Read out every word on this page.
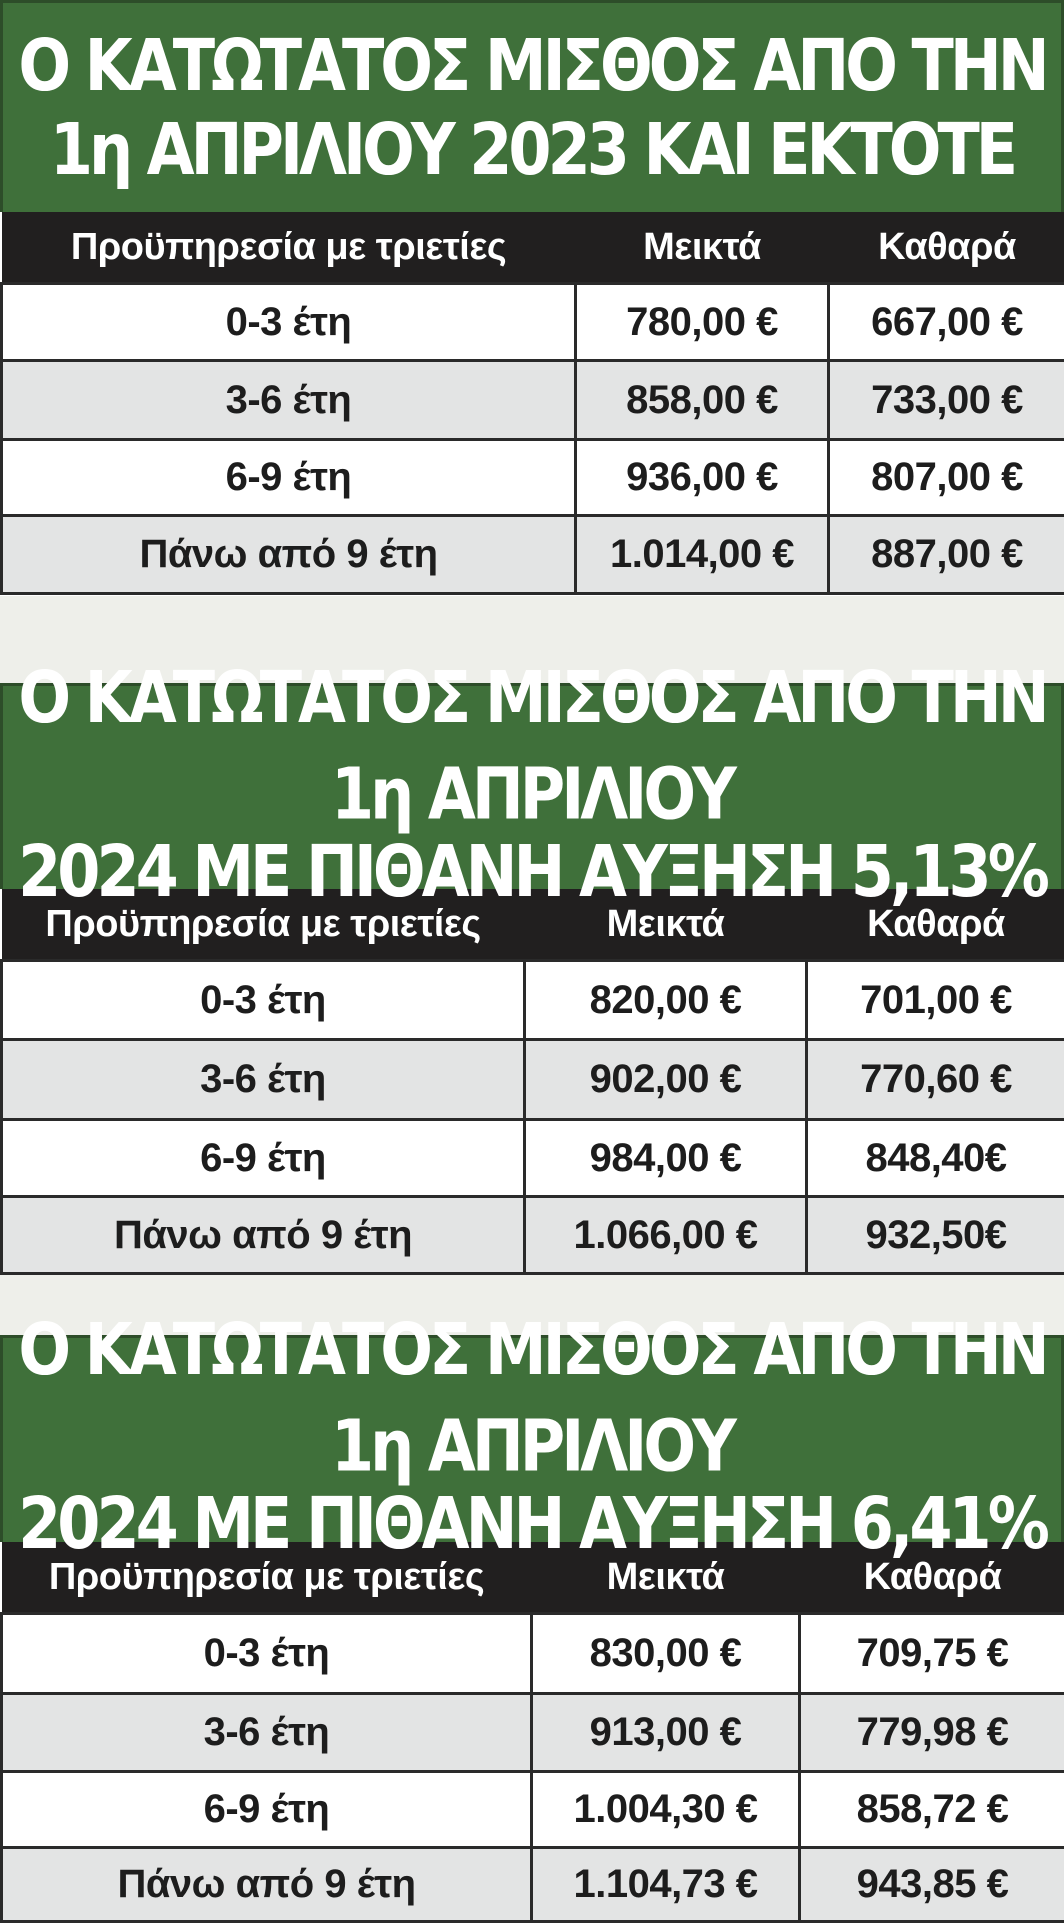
Ο ΚΑΤΩΤΑΤΟΣ ΜΙΣΘΟΣ ΑΠΟ ΤΗΝ
1η ΑΠΡΙΛΙΟΥ 2023 ΚΑΙ ΕΚΤΟΤΕ
Προϋπηρεσία με τριετίες	Μεικτά	Καθαρά
0-3 έτη	780,00 €	667,00 €
3-6 έτη	858,00 €	733,00 €
6-9 έτη	936,00 €	807,00 €
Πάνω από 9 έτη	1.014,00 €	887,00 €
Ο ΚΑΤΩΤΑΤΟΣ ΜΙΣΘΟΣ ΑΠΟ ΤΗΝ 1η ΑΠΡΙΛΙΟΥ
2024 ΜΕ ΠΙΘΑΝΗ ΑΥΞΗΣΗ 5,13%
Προϋπηρεσία με τριετίες	Μεικτά	Καθαρά
0-3 έτη	820,00 €	701,00 €
3-6 έτη	902,00 €	770,60 €
6-9 έτη	984,00 €	848,40€
Πάνω από 9 έτη	1.066,00 €	932,50€
Ο ΚΑΤΩΤΑΤΟΣ ΜΙΣΘΟΣ ΑΠΟ ΤΗΝ 1η ΑΠΡΙΛΙΟΥ
2024 ΜΕ ΠΙΘΑΝΗ ΑΥΞΗΣΗ 6,41%
Προϋπηρεσία με τριετίες	Μεικτά	Καθαρά
0-3 έτη	830,00 €	709,75 €
3-6 έτη	913,00 €	779,98 €
6-9 έτη	1.004,30 €	858,72 €
Πάνω από 9 έτη	1.104,73 €	943,85 €
